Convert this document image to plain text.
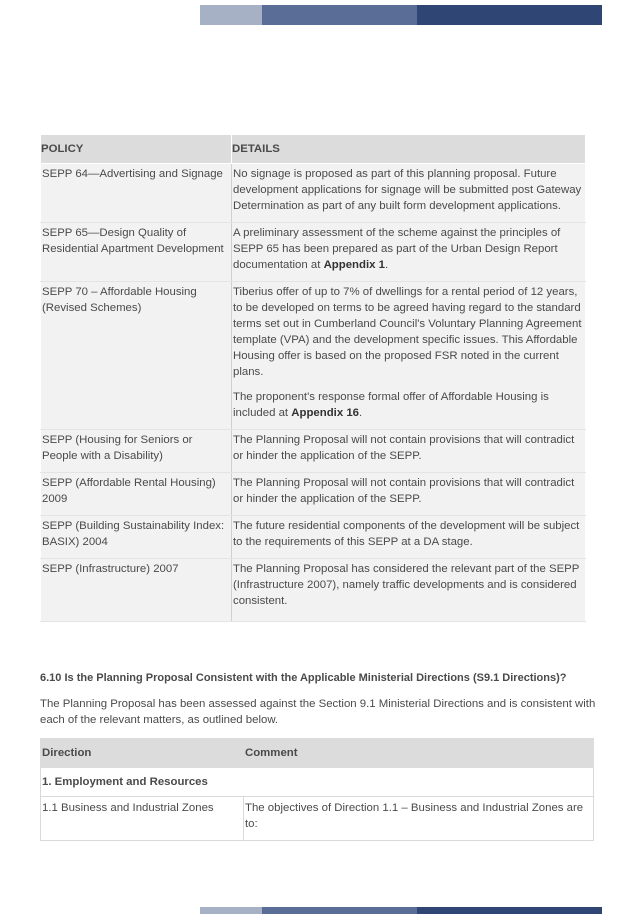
POLICY	DETAILS
SEPP 64—Advertising and Signage	No signage is proposed as part of this planning proposal. Future development applications for signage will be submitted post Gateway Determination as part of any built form development applications.
SEPP 65—Design Quality of Residential Apartment Development	A preliminary assessment of the scheme against the principles of SEPP 65 has been prepared as part of the Urban Design Report documentation at Appendix 1.
SEPP 70 – Affordable Housing (Revised Schemes)	Tiberius offer of up to 7% of dwellings for a rental period of 12 years, to be developed on terms to be agreed having regard to the standard terms set out in Cumberland Council's Voluntary Planning Agreement template (VPA) and the development specific issues. This Affordable Housing offer is based on the proposed FSR noted in the current plans.

The proponent's response formal offer of Affordable Housing is included at Appendix 16.

SEPP (Housing for Seniors or People with a Disability)	The Planning Proposal will not contain provisions that will contradict or hinder the application of the SEPP.
SEPP (Affordable Rental Housing) 2009	The Planning Proposal will not contain provisions that will contradict or hinder the application of the SEPP.
SEPP (Building Sustainability Index: BASIX) 2004	The future residential components of the development will be subject to the requirements of this SEPP at a DA stage.
SEPP (Infrastructure) 2007	The Planning Proposal has considered the relevant part of the SEPP (Infrastructure 2007), namely traffic developments and is considered consistent.
6.10 Is the Planning Proposal Consistent with the Applicable Ministerial Directions (S9.1 Directions)?
The Planning Proposal has been assessed against the Section 9.1 Ministerial Directions and is consistent with each of the relevant matters, as outlined below.
Direction	Comment
1. Employment and Resources	
1.1 Business and Industrial Zones	The objectives of Direction 1.1 – Business and Industrial Zones are to:
